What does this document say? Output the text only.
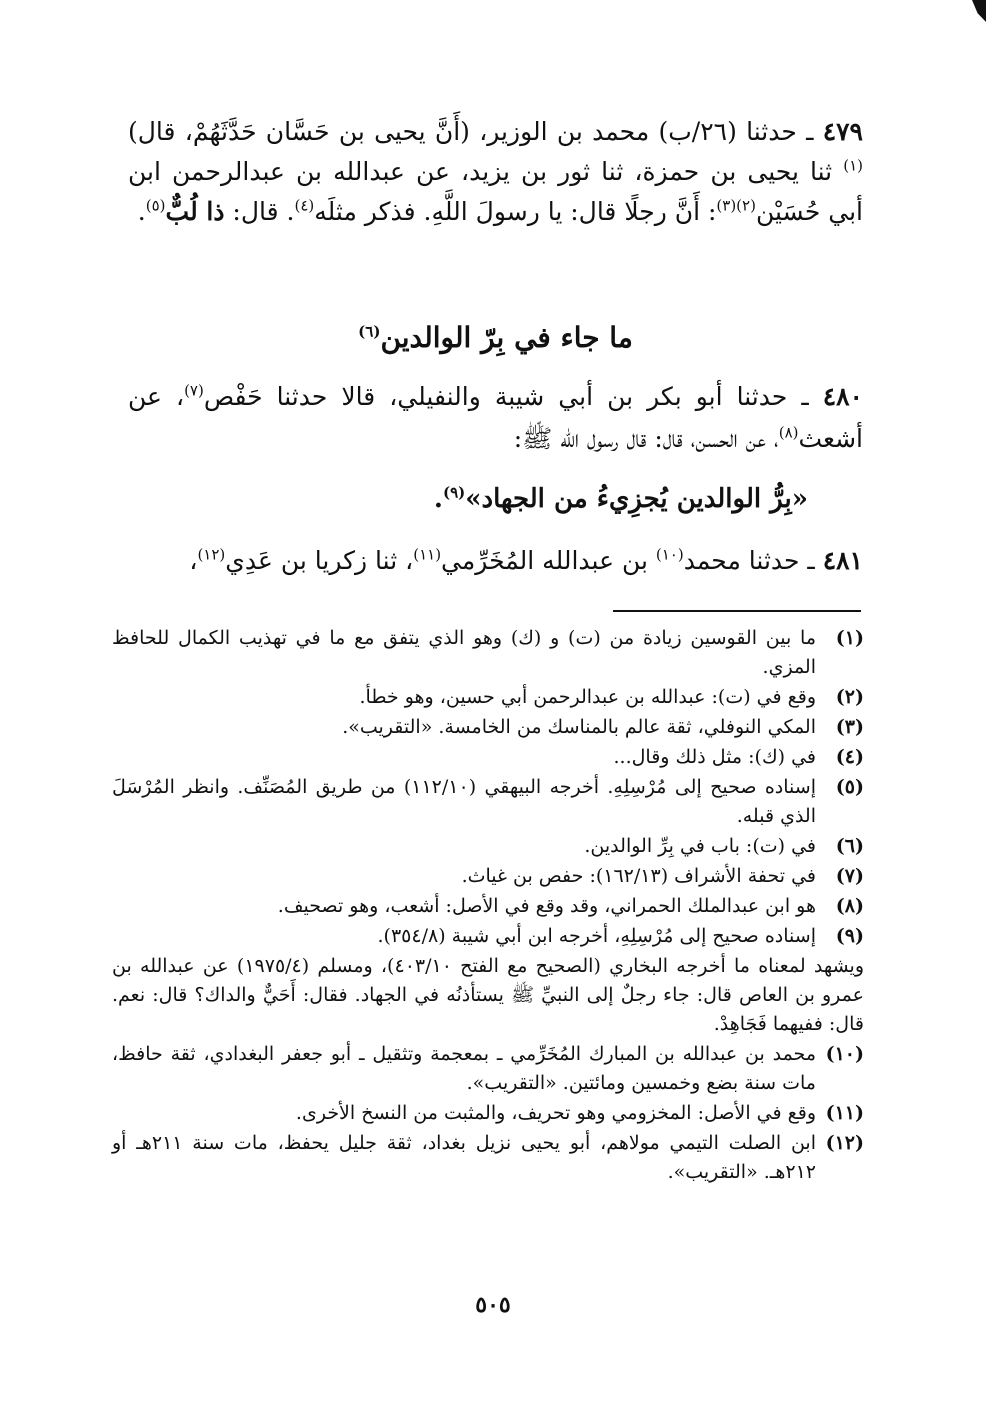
٤٧٩ ـ حدثنا (٢٦/ب) محمد بن الوزير، (أَنَّ يحيى بن حَسَّان حَدَّثَهُمْ، قال)$^{(١)}$ ثنا يحيى بن حمزة، ثنا ثور بن يزيد، عن عبدالله بن عبدالرحمن ابن أبي حُسَيْن$^{(٢)(٣)}$: أَنَّ رجلًا قال: يا رسولَ اللَّهِ. فذكر مثلَه$^{(٤)}$. قال: ذا لُبٌّ$^{(٥)}$.

ما جاء في بِرّ الوالدين$^{(٦)}$

٤٨٠ ـ حدثنا أبو بكر بن أبي شيبة والنفيلي، قالا حدثنا حَفْص$^{(٧)}$، عن أشعث$^{(٨)}$، عن الحسن، قال: قال رسول الله ﷺ:

«بِرُّ الوالدين يُجزِيءُ من الجهاد»$^{(٩)}$.

٤٨١ ـ حدثنا محمد$^{(١٠)}$ بن عبدالله المُخَرِّمي$^{(١١)}$، ثنا زكريا بن عَدِي$^{(١٢)}$،

(١)
ما بين القوسين زيادة من (ت) و (ك) وهو الذي يتفق مع ما في تهذيب الكمال للحافظ المزي.
(٢)
وقع في (ت): عبدالله بن عبدالرحمن أبي حسين، وهو خطأ.
(٣)
المكي النوفلي، ثقة عالم بالمناسك من الخامسة. «التقريب».
(٤)
في (ك): مثل ذلك وقال...
(٥)
إسناده صحيح إلى مُرْسِلِهِ. أخرجه البيهقي (١١٢/١٠) من طريق المُصَنِّف. وانظر المُرْسَلَ الذي قبله.
(٦)
في (ت): باب في بِرِّ الوالدين.
(٧)
في تحفة الأشراف (١٦٢/١٣): حفص بن غياث.
(٨)
هو ابن عبدالملك الحمراني، وقد وقع في الأصل: أشعب، وهو تصحيف.
(٩)
إسناده صحيح إلى مُرْسِلِهِ، أخرجه ابن أبي شيبة (٣٥٤/٨).
ويشهد لمعناه ما أخرجه البخاري (الصحيح مع الفتح ٤٠٣/١٠)، ومسلم (١٩٧٥/٤) عن عبدالله بن عمرو بن العاص قال: جاء رجلٌ إلى النبيِّ ﷺ يستأذنُه في الجهاد. فقال: أَحَيٌّ والداك؟ قال: نعم. قال: ففيهما فَجَاهِدْ.
(١٠)
محمد بن عبدالله بن المبارك المُخَرِّمي ـ بمعجمة وتثقيل ـ أبو جعفر البغدادي، ثقة حافظ، مات سنة بضع وخمسين ومائتين. «التقريب».
(١١)
وقع في الأصل: المخزومي وهو تحريف، والمثبت من النسخ الأخرى.
(١٢)
ابن الصلت التيمي مولاهم، أبو يحيى نزيل بغداد، ثقة جليل يحفظ، مات سنة ٢١١هـ أو ٢١٢هـ. «التقريب».
٥٠٥
